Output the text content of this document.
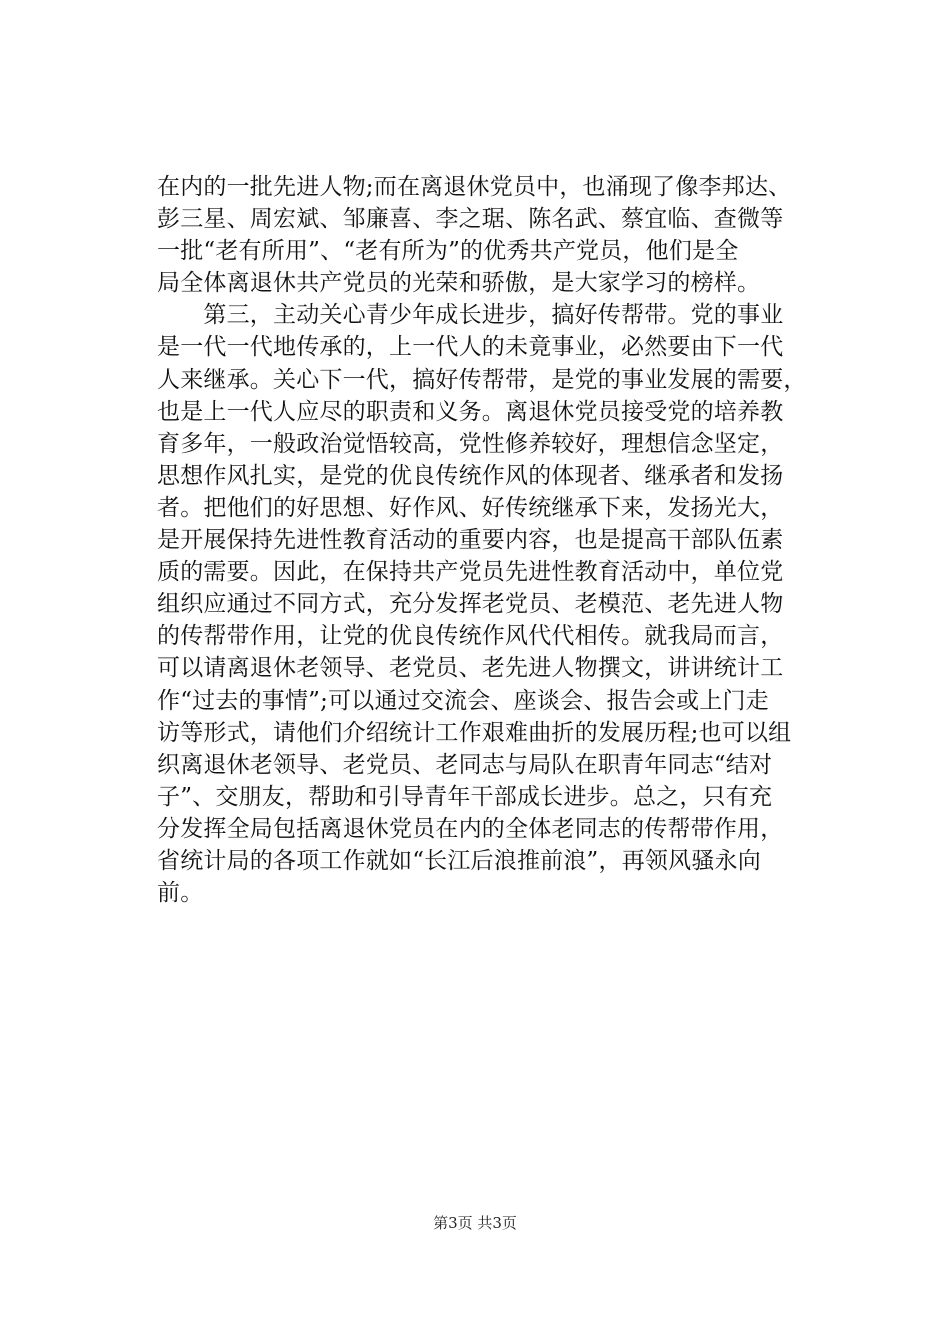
在内的一批先进人物;而在离退休党员中，也涌现了像李邦达、
彭三星、周宏斌、邹廉喜、李之琚、陈名武、蔡宜临、查微等
一批“老有所用”、“老有所为”的优秀共产党员，他们是全
局全体离退休共产党员的光荣和骄傲，是大家学习的榜样。
　　第三，主动关心青少年成长进步，搞好传帮带。党的事业
是一代一代地传承的，上一代人的未竟事业，必然要由下一代
人来继承。关心下一代，搞好传帮带，是党的事业发展的需要，
也是上一代人应尽的职责和义务。离退休党员接受党的培养教
育多年，一般政治觉悟较高，党性修养较好，理想信念坚定，
思想作风扎实，是党的优良传统作风的体现者、继承者和发扬
者。把他们的好思想、好作风、好传统继承下来，发扬光大，
是开展保持先进性教育活动的重要内容，也是提高干部队伍素
质的需要。因此，在保持共产党员先进性教育活动中，单位党
组织应通过不同方式，充分发挥老党员、老模范、老先进人物
的传帮带作用，让党的优良传统作风代代相传。就我局而言，
可以请离退休老领导、老党员、老先进人物撰文，讲讲统计工
作“过去的事情”;可以通过交流会、座谈会、报告会或上门走
访等形式，请他们介绍统计工作艰难曲折的发展历程;也可以组
织离退休老领导、老党员、老同志与局队在职青年同志“结对
子”、交朋友，帮助和引导青年干部成长进步。总之，只有充
分发挥全局包括离退休党员在内的全体老同志的传帮带作用，
省统计局的各项工作就如“长江后浪推前浪”，再领风骚永向
前。
第3页 共3页
